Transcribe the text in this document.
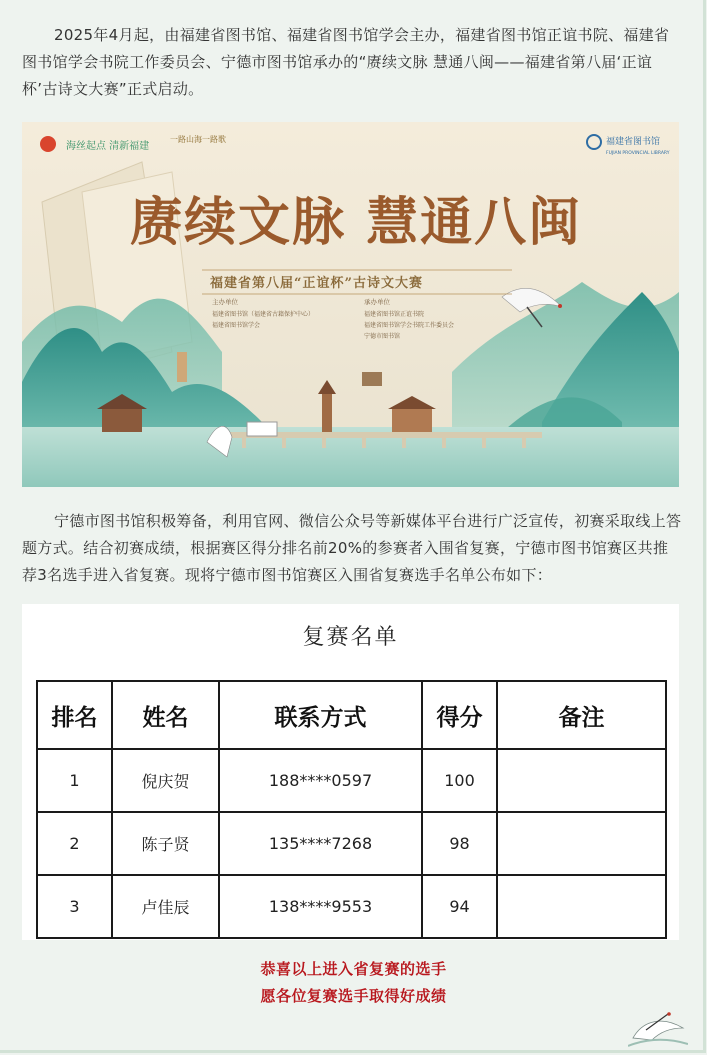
2025年4月起，由福建省图书馆、福建省图书馆学会主办，福建省图书馆正谊书院、福建省图书馆学会书院工作委员会、宁德市图书馆承办的“赓续文脉 慧通八闽——福建省第八届‘正谊杯’古诗文大赛”正式启动。

海丝起点 清新福建
一路山海一路歌	福建省图书馆
FUJIAN PROVINCIAL LIBRARY
赓续文脉 慧通八闽
福建省第八届“正谊杯”古诗文大赛
主办单位
福建省图书馆（福建省古籍保护中心）
福建省图书馆学会
承办单位
福建省图书馆正谊书院
福建省图书馆学会书院工作委员会
宁德市图书馆

宁德市图书馆积极筹备，利用官网、微信公众号等新媒体平台进行广泛宣传，初赛采取线上答题方式。结合初赛成绩，根据赛区得分排名前20%的参赛者入围省复赛，宁德市图书馆赛区共推荐3名选手进入省复赛。现将宁德市图书馆赛区入围省复赛选手名单公布如下：

复赛名单
排名	姓名	联系方式	得分	备注
1	倪庆贺	188****0597	100	
2	陈子贤	135****7268	98	
3	卢佳辰	138****9553	94	
恭喜以上进入省复赛的选手
愿各位复赛选手取得好成绩
